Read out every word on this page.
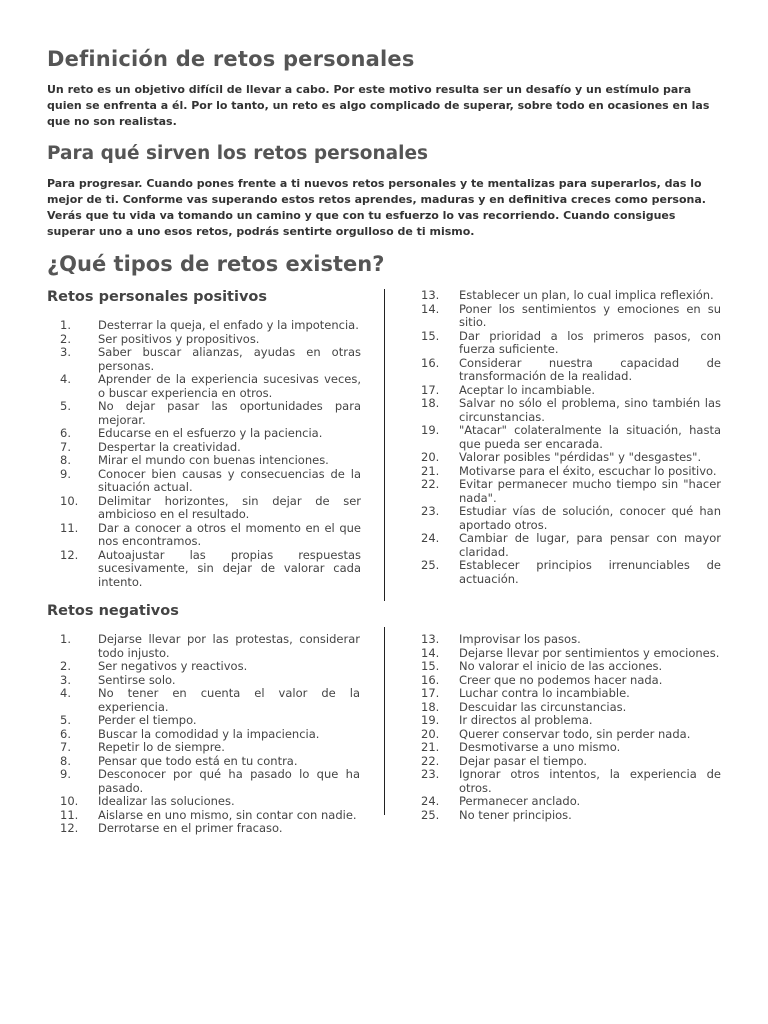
Definición de retos personales

Un reto es un objetivo difícil de llevar a cabo. Por este motivo resulta ser un desafío y un estímulo para quien se enfrenta a él. Por lo tanto, un reto es algo complicado de superar, sobre todo en ocasiones en las que no son realistas.

Para qué sirven los retos personales

Para progresar. Cuando pones frente a ti nuevos retos personales y te mentalizas para superarlos, das lo mejor de ti. Conforme vas superando estos retos aprendes, maduras y en definitiva creces como persona. Verás que tu vida va tomando un camino y que con tu esfuerzo lo vas recorriendo. Cuando consigues superar uno a uno esos retos, podrás sentirte orgulloso de ti mismo.

¿Qué tipos de retos existen?
Retos personales positivos
1.	Desterrar la queja, el enfado y la impotencia.
2.	Ser positivos y propositivos.
3.	Saber buscar alianzas, ayudas en otras personas.
4.	Aprender de la experiencia sucesivas veces, o buscar experiencia en otros.
5.	No dejar pasar las oportunidades para mejorar.
6.	Educarse en el esfuerzo y la paciencia.
7.	Despertar la creatividad.
8.	Mirar el mundo con buenas intenciones.
9.	Conocer bien causas y consecuencias de la situación actual.
10.	Delimitar horizontes, sin dejar de ser ambicioso en el resultado.
11.	Dar a conocer a otros el momento en el que nos encontramos.
12.	Autoajustar las propias respuestas sucesivamente, sin dejar de valorar cada intento.
13.	Establecer un plan, lo cual implica reflexión.
14.	Poner los sentimientos y emociones en su sitio.
15.	Dar prioridad a los primeros pasos, con fuerza suficiente.
16.	Considerar nuestra capacidad de transformación de la realidad.
17.	Aceptar lo incambiable.
18.	Salvar no sólo el problema, sino también las circunstancias.
19.	"Atacar" colateralmente la situación, hasta que pueda ser encarada.
20.	Valorar posibles "pérdidas" y "desgastes".
21.	Motivarse para el éxito, escuchar lo positivo.
22.	Evitar permanecer mucho tiempo sin "hacer nada".
23.	Estudiar vías de solución, conocer qué han aportado otros.
24.	Cambiar de lugar, para pensar con mayor claridad.
25.	Establecer principios irrenunciables de actuación.
Retos negativos
1.	Dejarse llevar por las protestas, considerar todo injusto.
2.	Ser negativos y reactivos.
3.	Sentirse solo.
4.	No tener en cuenta el valor de la experiencia.
5.	Perder el tiempo.
6.	Buscar la comodidad y la impaciencia.
7.	Repetir lo de siempre.
8.	Pensar que todo está en tu contra.
9.	Desconocer por qué ha pasado lo que ha pasado.
10.	Idealizar las soluciones.
11.	Aislarse en uno mismo, sin contar con nadie.
12.	Derrotarse en el primer fracaso.
13.	Improvisar los pasos.
14.	Dejarse llevar por sentimientos y emociones.
15.	No valorar el inicio de las acciones.
16.	Creer que no podemos hacer nada.
17.	Luchar contra lo incambiable.
18.	Descuidar las circunstancias.
19.	Ir directos al problema.
20.	Querer conservar todo, sin perder nada.
21.	Desmotivarse a uno mismo.
22.	Dejar pasar el tiempo.
23.	Ignorar otros intentos, la experiencia de otros.
24.	Permanecer anclado.
25.	No tener principios.
